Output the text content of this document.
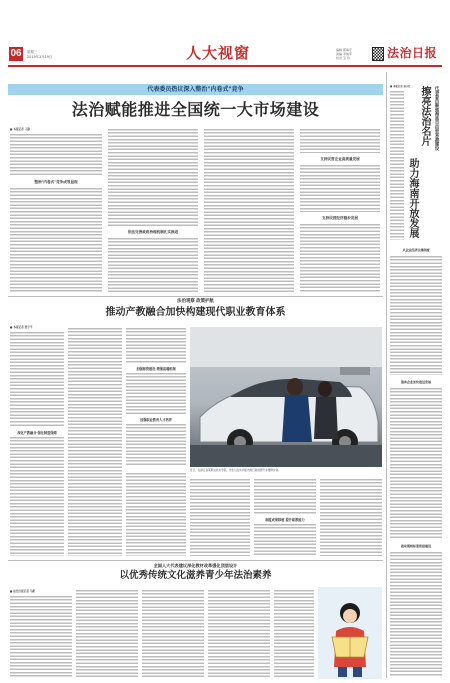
06	星期三
2019年3月19日	人大视窗	编辑 郭海宇
美编 李俊军
校对 宝 玲	法治日报
代表委员热议深入整治"内卷式"竞争
法治赋能推进全国统一大市场建设
■ 本报记者 刁静
整治"内卷式"竞争成效显现
依法完善政府治理机制扎实推进
支持民营企业高质量发展
支持民营经济稳步发展
法治观察 政策护航
推动产教融合加快构建现代职业教育体系
■ 本报记者 张宇平
深化产教融合 强化制度保障
加强师资建设 增强高端机制
加强职业教育人才培养
近日，在浙江省某职业技术学院，学生们在实训室内进行新能源汽车维修实训。
制度成果移植 提升职教能力
全国人大代表建议深化教材改革强化顶层设计
以优秀传统文化滋养青少年法治素养
■ 法治日报记者 马新
代表委员聚焦海南自由贸易港建设
擦亮法治名片
助力海南开放发展
■ 本报记者 黄小红
从企业经济法律制度
服务企业加快推进发展
推动规则标准衔接建设
